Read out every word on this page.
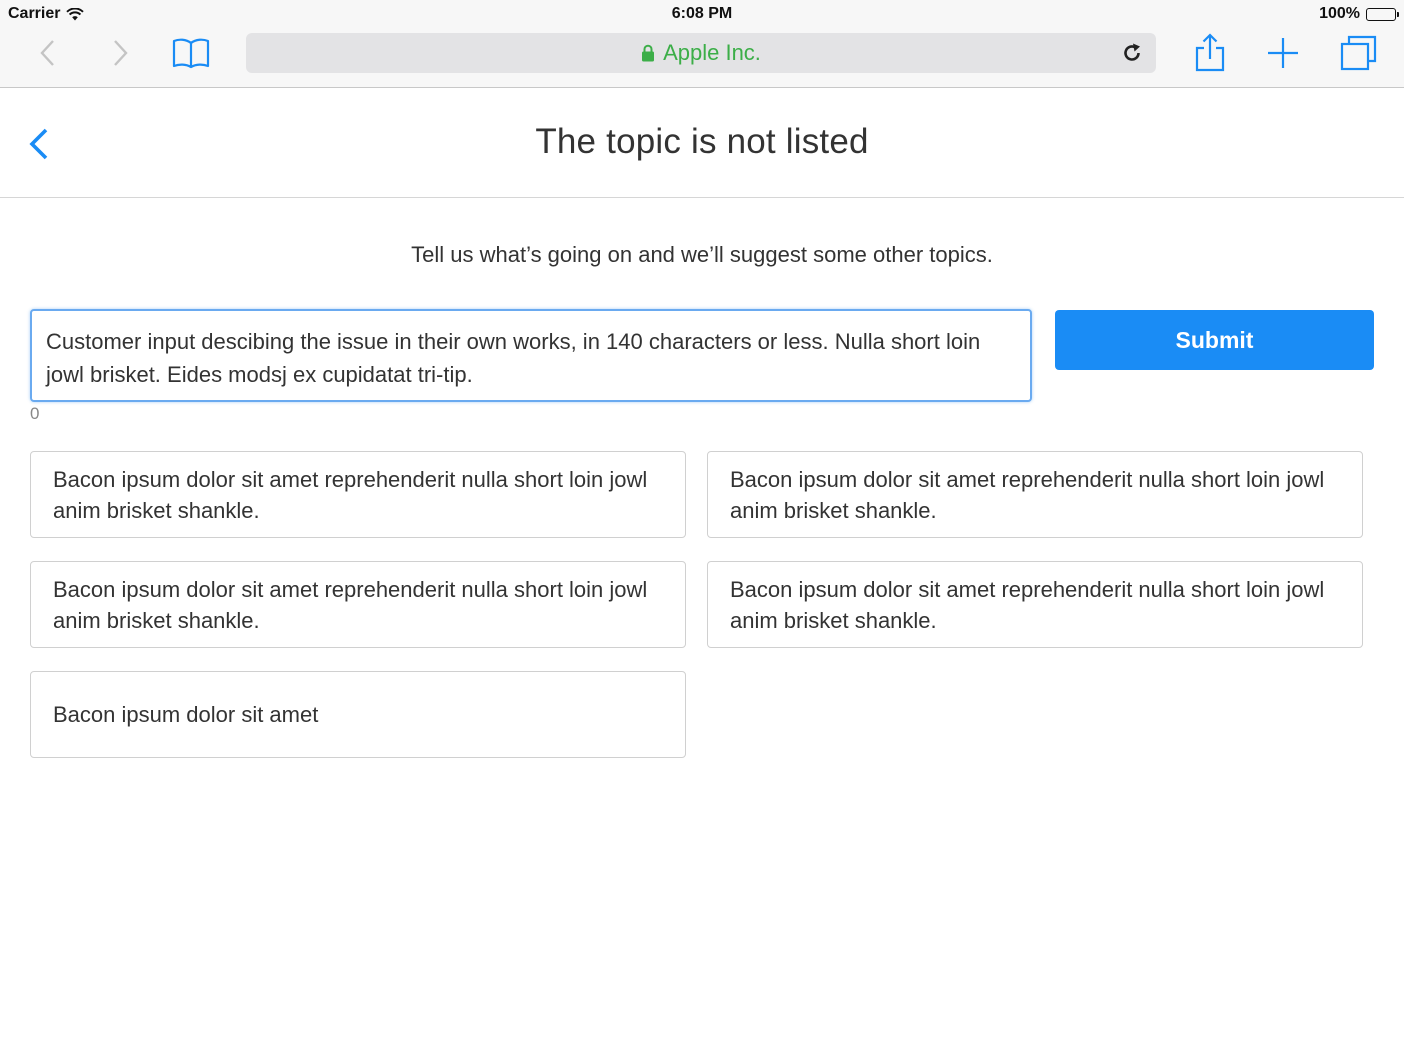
Carrier	6:08 PM	100%
Apple Inc.
The topic is not listed
Tell us what’s going on and we’ll suggest some other topics.
Customer input descibing the issue in their own works, in 140 characters or less. Nulla short loin jowl brisket. Eides modsj ex cupidatat tri-tip.
0
Submit
Bacon ipsum dolor sit amet reprehenderit nulla short loin jowl anim brisket shankle.
Bacon ipsum dolor sit amet reprehenderit nulla short loin jowl anim brisket shankle.
Bacon ipsum dolor sit amet reprehenderit nulla short loin jowl anim brisket shankle.
Bacon ipsum dolor sit amet reprehenderit nulla short loin jowl anim brisket shankle.
Bacon ipsum dolor sit amet
